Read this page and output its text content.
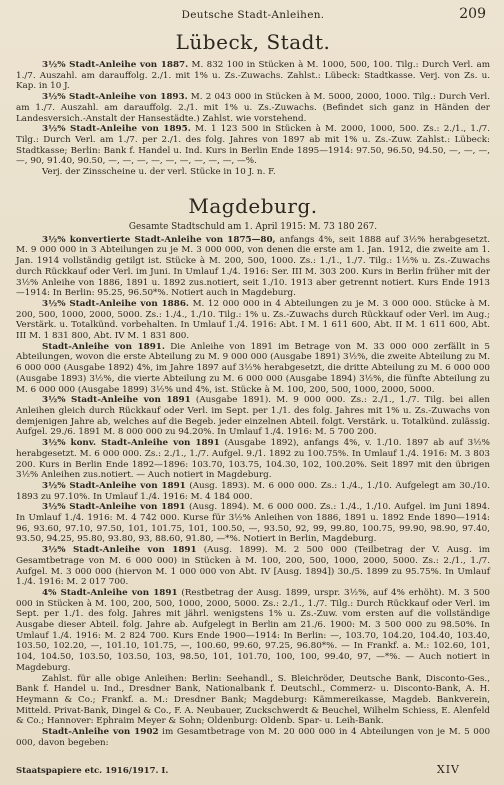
Deutsche Stadt-Anleihen.	209
Lübeck, Stadt.

3½% Stadt-Anleihe von 1887. M. 832 100 in Stücken à M. 1000, 500, 100. Tilg.: Durch Verl. am 1./7. Auszahl. am darauffolg. 2./1. mit 1% u. Zs.-Zuwachs. Zahlst.: Lübeck: Stadtkasse. Verj. von Zs. u. Kap. in 10 J.

3½% Stadt-Anleihe von 1893. M. 2 043 000 in Stücken à M. 5000, 2000, 1000. Tilg.: Durch Verl. am 1./7. Auszahl. am darauffolg. 2./1. mit 1% u. Zs.-Zuwachs. (Befindet sich ganz in Händen der Landesversich.-Anstalt der Hansestädte.) Zahlst. wie vorstehend.

3½% Stadt-Anleihe von 1895. M. 1 123 500 in Stücken à M. 2000, 1000, 500. Zs.: 2./1., 1./7. Tilg.: Durch Verl. am 1./7. per 2./1. des folg. Jahres von 1897 ab mit 1% u. Zs.-Zuw. Zahlst.: Lübeck: Stadtkasse; Berlin: Bank f. Handel u. Ind. Kurs in Berlin Ende 1895—1914: 97.50, 96.50, 94.50, —, —, —, —, 90, 91.40, 90.50, —, —, —, —, —, —, —, —, —, —%.

Verj. der Zinsscheine u. der verl. Stücke in 10 J. n. F.

Magdeburg.
Gesamte Stadtschuld am 1. April 1915: M. 73 180 267.

3½% konvertierte Stadt-Anleihe von 1875—80, anfangs 4%, seit 1888 auf 3½% herabgesetzt. M. 9 000 000 in 3 Abteilungen zu je M. 3 000 000, von denen die erste am 1. Jan. 1912, die zweite am 1. Jan. 1914 vollständig getilgt ist. Stücke à M. 200, 500, 1000. Zs.: 1./1., 1./7. Tilg.: 1½% u. Zs.-Zuwachs durch Rückkauf oder Verl. im Juni. In Umlauf 1./4. 1916: Ser. III M. 303 200. Kurs in Berlin früher mit der 3½% Anleihe von 1886, 1891 u. 1892 zus.notiert, seit 1./10. 1913 aber getrennt notiert. Kurs Ende 1913—1914: In Berlin: 95.25, 96.50*%. Notiert auch in Magdeburg.

3½% Stadt-Anleihe von 1886. M. 12 000 000 in 4 Abteilungen zu je M. 3 000 000. Stücke à M. 200, 500, 1000, 2000, 5000. Zs.: 1./4., 1./10. Tilg.: 1% u. Zs.-Zuwachs durch Rückkauf oder Verl. im Aug.; Verstärk. u. Totalkünd. vorbehalten. In Umlauf 1./4. 1916: Abt. I M. 1 611 600, Abt. II M. 1 611 600, Abt. III M. 1 831 800, Abt. IV M. 1 831 800.

Stadt-Anleihe von 1891. Die Anleihe von 1891 im Betrage von M. 33 000 000 zerfällt in 5 Abteilungen, wovon die erste Abteilung zu M. 9 000 000 (Ausgabe 1891) 3½%, die zweite Abteilung zu M. 6 000 000 (Ausgabe 1892) 4%, im Jahre 1897 auf 3½% herabgesetzt, die dritte Abteilung zu M. 6 000 000 (Ausgabe 1893) 3½%, die vierte Abteilung zu M. 6 000 000 (Ausgabe 1894) 3½%, die fünfte Abteilung zu M. 6 000 000 (Ausgabe 1899) 3½% und 4%, ist. Stücke à M. 100, 200, 500, 1000, 2000, 5000.

3½% Stadt-Anleihe von 1891 (Ausgabe 1891). M. 9 000 000. Zs.: 2./1., 1./7. Tilg. bei allen Anleihen gleich durch Rückkauf oder Verl. im Sept. per 1./1. des folg. Jahres mit 1% u. Zs.-Zuwachs von demjenigen Jahre ab, welches auf die Begeb. jeder einzelnen Abteil. folgt. Verstärk. u. Totalkünd. zulässig. Aufgel. 29./6. 1891 M. 8 000 000 zu 94.20%. In Umlauf 1./4. 1916: M. 5 700 200.

3½% konv. Stadt-Anleihe von 1891 (Ausgabe 1892), anfangs 4%, v. 1./10. 1897 ab auf 3½% herabgesetzt. M. 6 000 000. Zs.: 2./1., 1./7. Aufgel. 9./1. 1892 zu 100.75%. In Umlauf 1./4. 1916: M. 3 803 200. Kurs in Berlin Ende 1892—1896: 103.70, 103.75, 104.30, 102, 100.20%. Seit 1897 mit den übrigen 3½% Anleihen zus.notiert. — Auch notiert in Magdeburg.

3½% Stadt-Anleihe von 1891 (Ausg. 1893). M. 6 000 000. Zs.: 1./4., 1./10. Aufgelegt am 30./10. 1893 zu 97.10%. In Umlauf 1./4. 1916: M. 4 184 000.

3½% Stadt-Anleihe von 1891 (Ausg. 1894). M. 6 000 000. Zs.: 1./4., 1./10. Aufgel. im Juni 1894. In Umlauf 1./4. 1916: M. 4 742 000. Kurse für 3½% Anleihen von 1886, 1891 u. 1892 Ende 1890—1914: 96, 93.60, 97.10, 97.50, 101, 101.75, 101, 100.50, —, 93.50, 92, 99, 99.80, 100.75, 99.90, 98.90, 97.40, 93.50, 94.25, 95.80, 93.80, 93, 88.60, 91.80, —*%. Notiert in Berlin, Magdeburg.

3½% Stadt-Anleihe von 1891 (Ausg. 1899). M. 2 500 000 (Teilbetrag der V. Ausg. im Gesamtbetrage von M. 6 000 000) in Stücken à M. 100, 200, 500, 1000, 2000, 5000. Zs.: 2./1., 1./7. Aufgel. M. 3 000 000 (hiervon M. 1 000 000 von Abt. IV [Ausg. 1894]) 30./5. 1899 zu 95.75%. In Umlauf 1./4. 1916: M. 2 017 700.

4% Stadt-Anleihe von 1891 (Restbetrag der Ausg. 1899, urspr. 3½%, auf 4% erhöht). M. 3 500 000 in Stücken à M. 100, 200, 500, 1000, 2000, 5000. Zs.: 2./1., 1./7. Tilg.: Durch Rückkauf oder Verl. im Sept. per 1./1. des folg. Jahres mit jährl. wenigstens 1% u. Zs.-Zuw. vom ersten auf die vollständige Ausgabe dieser Abteil. folg. Jahre ab. Aufgelegt in Berlin am 21./6. 1900: M. 3 500 000 zu 98.50%. In Umlauf 1./4. 1916: M. 2 824 700. Kurs Ende 1900—1914: In Berlin: —, 103.70, 104.20, 104.40, 103.40, 103.50, 102.20, —, 101.10, 101.75, —, 100.60, 99.60, 97.25, 96.80*%. — In Frankf. a. M.: 102.60, 101, 104, 104.50, 103.50, 103.50, 103, 98.50, 101, 101.70, 100, 100, 99.40, 97, —*%. — Auch notiert in Magdeburg.

Zahlst. für alle obige Anleihen: Berlin: Seehandl., S. Bleichröder, Deutsche Bank, Disconto-Ges., Bank f. Handel u. Ind., Dresdner Bank, Nationalbank f. Deutschl., Commerz- u. Disconto-Bank, A. H. Heymann & Co.; Frankf. a. M.: Dresdner Bank; Magdeburg: Kämmereikasse, Magdeb. Bankverein, Mitteld. Privat-Bank, Dingel & Co., F. A. Neubauer, Zuckschwerdt & Beuchel, Wilhelm Schiess, E. Alenfeld & Co.; Hannover: Ephraim Meyer & Sohn; Oldenburg: Oldenb. Spar- u. Leih-Bank.

Stadt-Anleihe von 1902 im Gesamtbetrage von M. 20 000 000 in 4 Abteilungen von je M. 5 000 000, davon begeben:

Staatspapiere etc. 1916/1917. I.	XIV
